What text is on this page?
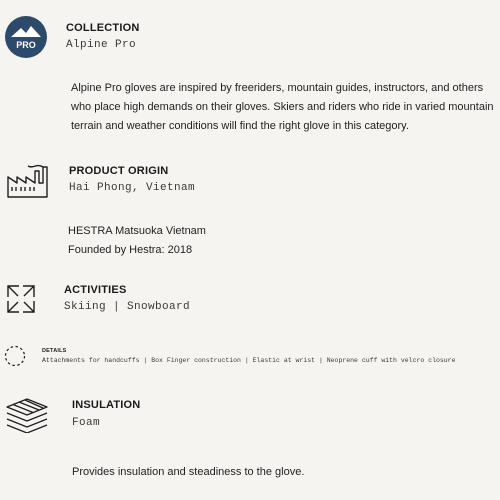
PRO
COLLECTION
Alpine Pro
Alpine Pro gloves are inspired by freeriders, mountain guides, instructors, and others who place high demands on their gloves. Skiers and riders who ride in varied mountain terrain and weather conditions will find the right glove in this category.
PRODUCT ORIGIN
Hai Phong, Vietnam
HESTRA Matsuoka Vietnam
Founded by Hestra: 2018
ACTIVITIES
Skiing | Snowboard
DETAILS
Attachments for handcuffs | Box Finger construction | Elastic at wrist | Neoprene cuff with velcro closure
INSULATION
Foam
Provides insulation and steadiness to the glove.
